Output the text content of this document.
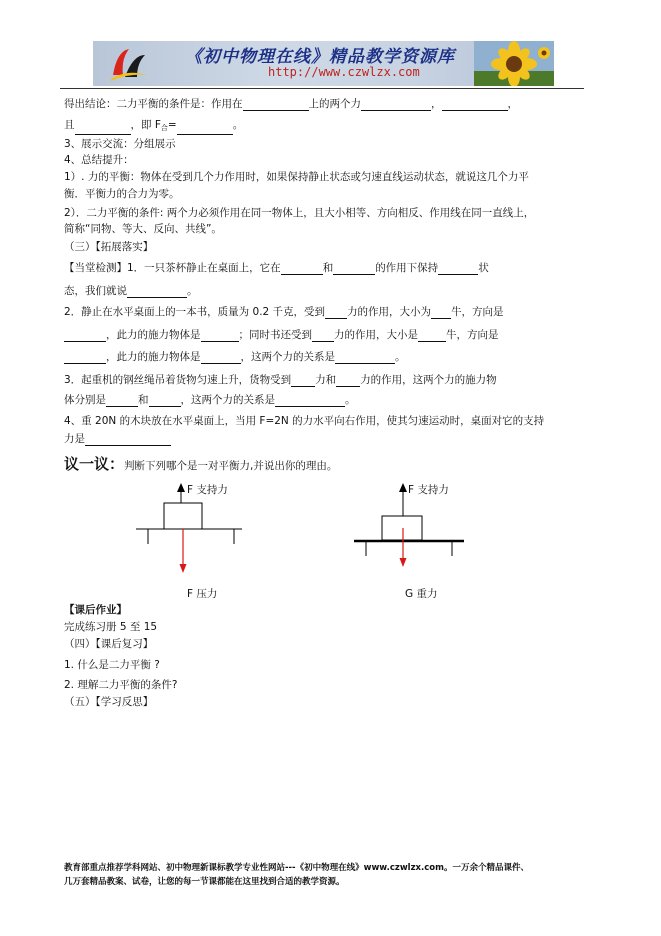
《初中物理在线》精品教学资源库
http://www.czwlzx.com
得出结论：二力平衡的条件是：作用在	上的两个力	，	，
且	，即 $F_合=$	。
3、展示交流：分组展示
4、总结提升：
1）. 力的平衡：物体在受到几个力作用时，如果保持静止状态或匀速直线运动状态，就说这几个力平
衡．平衡力的合力为零。
2）．二力平衡的条件: 两个力必须作用在同一物体上，且大小相等、方向相反、作用线在同一直线上，
简称“同物、等大、反向、共线”。
（三）【拓展落实】
【当堂检测】1．一只茶杯静止在桌面上，它在	和	的作用下保持	状
态，我们就说	。
2．静止在水平桌面上的一本书，质量为 0.2 千克，受到 力的作用，大小为 牛，方向是
，此力的施力物体是	；同时书还受到 力的作用，大小是	牛，方向是
，此力的施力物体是	，这两个力的关系是	。
3．起重机的钢丝绳吊着货物匀速上升，货物受到 力和 力的作用，这两个力的施力物
体分别是	和	，这两个力的关系是	。
4、重 20N 的木块放在水平桌面上，当用 F=2N 的力水平向右作用，使其匀速运动时，桌面对它的支持
力是
议一议：判断下列哪个是一对平衡力,并说出你的理由。
F 支持力
F 压力
F 支持力
G 重力
【课后作业】
完成练习册 5 至 15
（四）【课后复习】
1. 什么是二力平衡 ?
2. 理解二力平衡的条件?
（五）【学习反思】
教育部重点推荐学科网站、初中物理新课标教学专业性网站---《初中物理在线》www.czwlzx.com。一万余个精品课件、
几万套精品教案、试卷，让您的每一节课都能在这里找到合适的教学资源。
